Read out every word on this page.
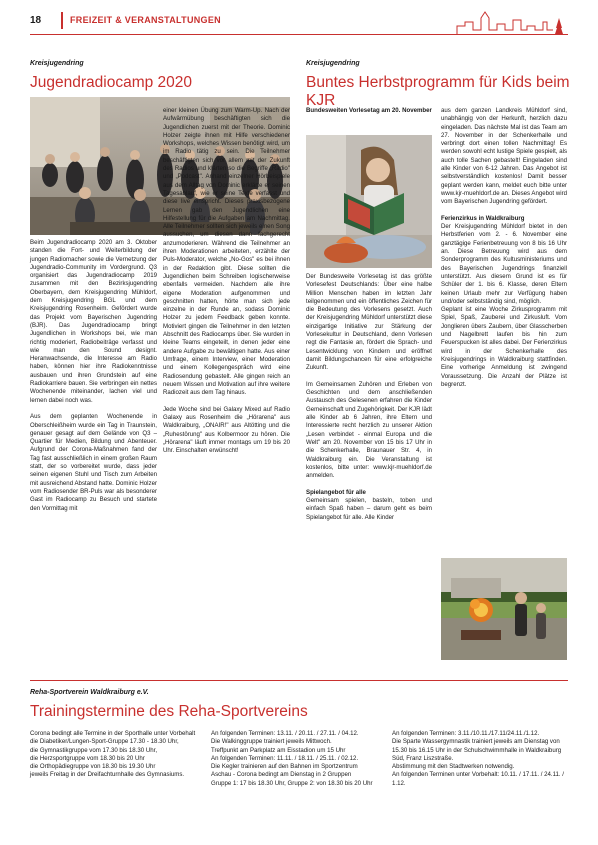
18	FREIZEIT & VERANSTALTUNGEN
Kreisjugendring
Jugendradiocamp 2020

Beim Jugendradiocamp 2020 am 3. Oktober standen die Fort- und Weiterbildung der jungen Radiomacher sowie die Vernetzung der Jugendradio-Community im Vordergrund. Q3 organisiert das Jugendradiocamp 2019 zusammen mit den Bezirksjugendring Oberbayern, dem Kreisjugendring Mühldorf, dem Kreisjugendring BGL und dem Kreisjugendring Rosenheim. Gefördert wurde das Projekt vom Bayerischen Jugendring (BJR). Das Jugendradiocamp bringt Jugendlichen in Workshops bei, wie man richtig moderiert, Radiobeiträge verfasst und wie man den Sound designt. Heranwachsende, die Interesse am Radio haben, können hier ihre Radiokenntnisse ausbauen und ihren Grundstein auf eine Radiokarriere bauen. Sie verbringen ein nettes Wochenende miteinander, lachen viel und lernen dabei noch was.

Aus dem geplanten Wochenende in Oberschleißheim wurde ein Tag in Traunstein, genauer gesagt auf dem Gelände von Q3 – Quartier für Medien, Bildung und Abenteuer. Aufgrund der Corona-Maßnahmen fand der Tag fast ausschließlich in einem großen Raum statt, der so vorbereitet wurde, dass jeder seinen eigenen Stuhl und Tisch zum Arbeiten mit ausreichend Abstand hatte. Dominic Holzer vom Radiosender BR-Puls war als besonderer Gast im Radiocamp zu Besuch und startete den Vormittag mit

einer kleinen Übung zum Warm-Up. Nach der Aufwärmübung beschäftigten sich die Jugendlichen zuerst mit der Theorie. Dominic Holzer zeigte ihnen mit Hilfe verschiedener Workshops, welches Wissen benötigt wird, um im Radio tätig zu sein. Die Teilnehmer beschäftigten sich vor allem mit der Zukunft des Radios und klärten so die Begriffe „Radio" und „Podcast". Anhand einzelner Hörbeispiele aus dem Alltag von Dominic erklärte er seinen Tagesablauf, wie er seine Texte verfasst und diese live einspricht. Dieses praxisbezogene Lernen gab den Jugendlichen eine Hilfestellung für die Aufgaben am Nachmittag. Alle Teilnehmer sollten sich jeweils einen Song aussuchen, um diesen dann fachgerecht anzumoderieren. Während die Teilnehmer an ihren Moderationen arbeiteten, erzählte der Puls-Moderator, welche „No-Gos" es bei ihnen in der Redaktion gibt. Diese sollten die Jugendlichen beim Schreiben logischerweise ebenfalls vermeiden. Nachdem alle ihre eigene Moderation aufgenommen und geschnitten hatten, hörte man sich jede einzelne in der Runde an, sodass Dominic Holzer zu jedem Feedback geben konnte. Motiviert gingen die Teilnehmer in den letzten Abschnitt des Radiocamps über. Sie wurden in kleine Teams eingeteilt, in denen jeder eine andere Aufgabe zu bewältigen hatte. Aus einer Umfrage, einem Interview, einer Moderation und einem Kollegengespräch wird eine Radiosendung gebastelt. Alle gingen reich an neuem Wissen und Motivation auf ihre weitere Radiozeit aus dem Tag hinaus.

Jede Woche sind bei Galaxy Mixed auf Radio Galaxy aus Rosenheim die „Hörarena" aus Waldkraiburg, „ONAIR!" aus Altötting und die „Ruhestörung" aus Kolbermoor zu hören. Die „Hörarena" läuft immer montags um 19 bis 20 Uhr. Einschalten erwünscht!

Kreisjugendring
Buntes Herbstprogramm für Kids beim KJR
Bundesweiten Vorlesetag am 20. November

Der Bundesweite Vorlesetag ist das größte Vorlesefest Deutschlands: Über eine halbe Million Menschen haben im letzten Jahr teilgenommen und ein öffentliches Zeichen für die Bedeutung des Vorlesens gesetzt. Auch der Kreisjugendring Mühldorf unterstützt diese einzigartige Initiative zur Stärkung der Vorlesekultur in Deutschland, denn Vorlesen regt die Fantasie an, fördert die Sprach- und Lesentwicklung von Kindern und eröffnet damit Bildungschancen für eine erfolgreiche Zukunft.

Im Gemeinsamen Zuhören und Erleben von Geschichten und dem anschließenden Austausch des Gelesenen erfahren die Kinder Gemeinschaft und Zugehörigkeit. Der KJR lädt alle Kinder ab 6 Jahren, ihre Eltern und Interessierte recht herzlich zu unserer Aktion „Lesen verbindet - einmal Europa und die Welt" am 20. November von 15 bis 17 Uhr in die Schenkerhalle, Braunauer Str. 4, in Waldkraiburg ein. Die Veranstaltung ist kostenlos, bitte unter: www.kjr-muehldorf.de anmelden.

Spielangebot für alle

Gemeinsam spielen, basteln, toben und einfach Spaß haben – darum geht es beim Spielangebot für alle. Alle Kinder

aus dem ganzen Landkreis Mühldorf sind, unabhängig von der Herkunft, herzlich dazu eingeladen. Das nächste Mal ist das Team am 27. November in der Schenkerhalle und verbringt dort einen tollen Nachmittag! Es werden sowohl echt lustige Spiele gespielt, als auch tolle Sachen gebastelt! Eingeladen sind alle Kinder von 6-12 Jahren. Das Angebot ist selbstverständlich kostenlos! Damit besser geplant werden kann, meldet euch bitte unter www.kjr-muehldorf.de an. Dieses Angebot wird vom Bayerischen Jugendring gefördert.

Ferienzirkus in Waldkraiburg

Der Kreisjugendring Mühldorf bietet in den Herbstferien vom 2. - 6. November eine ganztägige Ferienbetreuung von 8 bis 16 Uhr an. Diese Betreuung wird aus dem Sonderprogramm des Kultusministeriums und des Bayerischen Jugendrings finanziell unterstützt. Aus diesem Grund ist es für Schüler der 1. bis 6. Klasse, deren Eltern keinen Urlaub mehr zur Verfügung haben und/oder selbstständig sind, möglich.

Geplant ist eine Woche Zirkusprogramm mit Spiel, Spaß, Zauberei und Zirkusluft. Vom Jonglieren übers Zaubern, über Glasscherben und Nagelbrett laufen bis hin zum Feuerspucken ist alles dabei. Der Ferienzirkus wird in der Schenkerhalle des Kreisjugendrings in Waldkraiburg stattfinden. Eine vorherige Anmeldung ist zwingend Voraussetzung. Die Anzahl der Plätze ist begrenzt.

Reha-Sportverein Waldkraiburg e.V.
Trainingstermine des Reha-Sportvereins

Corona bedingt alle Termine in der Sporthalle unter Vorbehalt

die Diabetiker/Lungen-Sport-Gruppe 17.30 - 18.30 Uhr,

die Gymnastikgruppe vom 17.30 bis 18.30 Uhr,

die Herzsportgruppe vom 18.30 bis 20 Uhr

die Orthopädiegruppe von 18.30 bis 19.30 Uhr

jeweils Freitag in der Dreifachturnhalle des Gymnasiums.

An folgenden Terminen: 13.11. / 20.11. / 27.11. / 04.12.

Die Walkinggruppe trainiert jeweils Mittwoch.

Treffpunkt am Parkplatz am Eisstadion um 15 Uhr

An folgenden Terminen: 11.11. / 18.11. / 25.11. / 02.12.

Die Kegler trainieren auf den Bahnen im Sportzentrum

Aschau - Corona bedingt am Dienstag in 2 Gruppen

Gruppe 1: 17 bis 18.30 Uhr, Gruppe 2: von 18.30 bis 20 Uhr

An folgenden Terminen: 3.11./10.11./17.11/24.11./1.12.

Die Sparte Wassergymnastik trainiert jeweils am Dienstag von 15.30 bis 16.15 Uhr in der Schulschwimmhalle in Waldkraiburg Süd, Franz Liszstraße.

Abstimmung mit den Stadtwerken notwendig.

An folgenden Terminen unter Vorbehalt: 10.11. / 17.11. / 24.11. / 1.12.
